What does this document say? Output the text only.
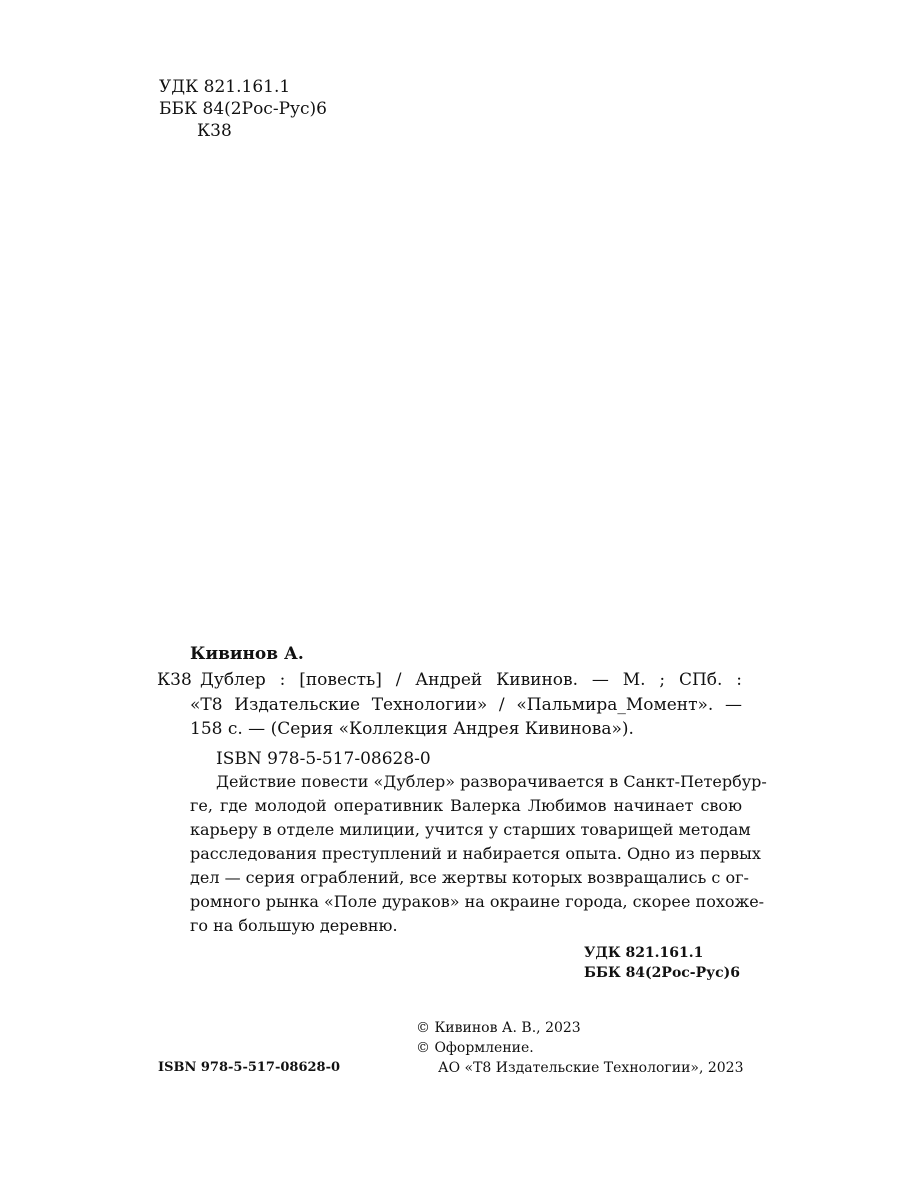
УДК 821.161.1
ББК 84(2Рос-Рус)6
К38
Кивинов А.
К38 Дублер : [повесть] / Андрей Кивинов. — М. ; СПб. :
«Т8 Издательские Технологии» / «Пальмира_Момент». —
158 с. — (Серия «Коллекция Андрея Кивинова»).
ISBN 978-5-517-08628-0
Действие повести «Дублер» разворачивается в Санкт-Петербур-
ге, где молодой оперативник Валерка Любимов начинает свою
карьеру в отделе милиции, учится у старших товарищей методам
расследования преступлений и набирается опыта. Одно из первых
дел — серия ограблений, все жертвы которых возвращались с ог-
ромного рынка «Поле дураков» на окраине города, скорее похоже-
го на большую деревню.
УДК 821.161.1
ББК 84(2Рос-Рус)6
© Кивинов А. В., 2023
© Оформление.
АО «Т8 Издательские Технологии», 2023
ISBN 978-5-517-08628-0
